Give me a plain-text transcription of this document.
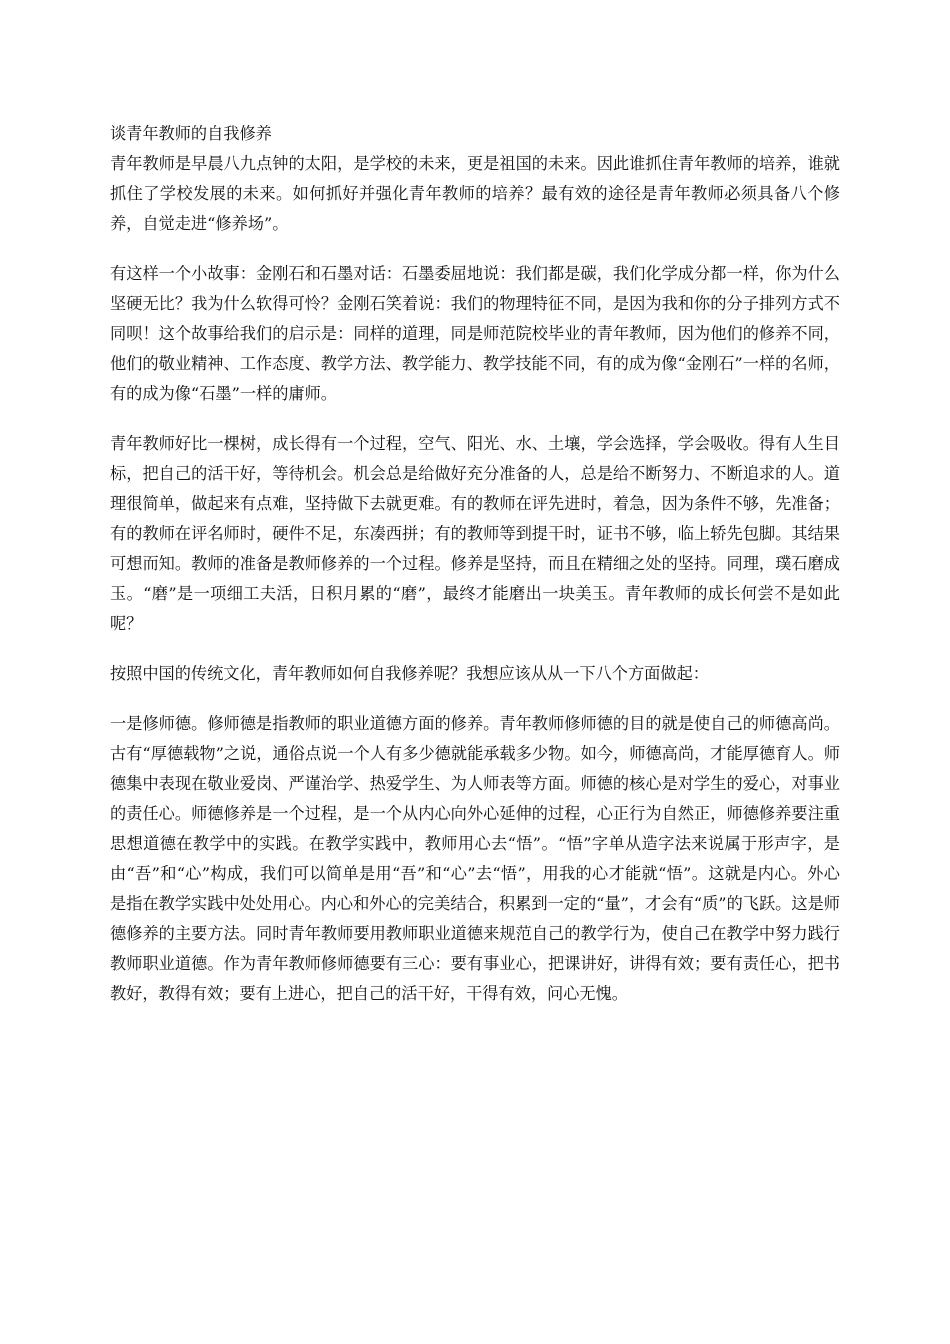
谈青年教师的自我修养

青年教师是早晨八九点钟的太阳，是学校的未来，更是祖国的未来。因此谁抓住青年教师的培养，谁就抓住了学校发展的未来。如何抓好并强化青年教师的培养？最有效的途径是青年教师必须具备八个修养，自觉走进“修养场”。

有这样一个小故事：金刚石和石墨对话：石墨委屈地说：我们都是碳，我们化学成分都一样，你为什么坚硬无比？我为什么软得可怜？金刚石笑着说：我们的物理特征不同，是因为我和你的分子排列方式不同呗！这个故事给我们的启示是：同样的道理，同是师范院校毕业的青年教师，因为他们的修养不同，他们的敬业精神、工作态度、教学方法、教学能力、教学技能不同，有的成为像“金刚石”一样的名师，有的成为像“石墨”一样的庸师。

青年教师好比一棵树，成长得有一个过程，空气、阳光、水、土壤，学会选择，学会吸收。得有人生目标，把自己的活干好，等待机会。机会总是给做好充分准备的人，总是给不断努力、不断追求的人。道理很简单，做起来有点难，坚持做下去就更难。有的教师在评先进时，着急，因为条件不够，先准备；有的教师在评名师时，硬件不足，东凑西拼；有的教师等到提干时，证书不够，临上轿先包脚。其结果可想而知。教师的准备是教师修养的一个过程。修养是坚持，而且在精细之处的坚持。同理，璞石磨成玉。“磨”是一项细工夫活，日积月累的“磨”，最终才能磨出一块美玉。青年教师的成长何尝不是如此呢？

按照中国的传统文化，青年教师如何自我修养呢？我想应该从从一下八个方面做起：

一是修师德。修师德是指教师的职业道德方面的修养。青年教师修师德的目的就是使自己的师德高尚。古有“厚德载物”之说，通俗点说一个人有多少德就能承载多少物。如今，师德高尚，才能厚德育人。师德集中表现在敬业爱岗、严谨治学、热爱学生、为人师表等方面。师德的核心是对学生的爱心，对事业的责任心。师德修养是一个过程，是一个从内心向外心延伸的过程，心正行为自然正，师德修养要注重思想道德在教学中的实践。在教学实践中，教师用心去“悟”。“悟”字单从造字法来说属于形声字，是由“吾”和“心”构成，我们可以简单是用“吾”和“心”去“悟”，用我的心才能就“悟”。这就是内心。外心是指在教学实践中处处用心。内心和外心的完美结合，积累到一定的“量”，才会有“质”的飞跃。这是师德修养的主要方法。同时青年教师要用教师职业道德来规范自己的教学行为，使自己在教学中努力践行教师职业道德。作为青年教师修师德要有三心：要有事业心，把课讲好，讲得有效；要有责任心，把书教好，教得有效；要有上进心，把自己的活干好，干得有效，问心无愧。
